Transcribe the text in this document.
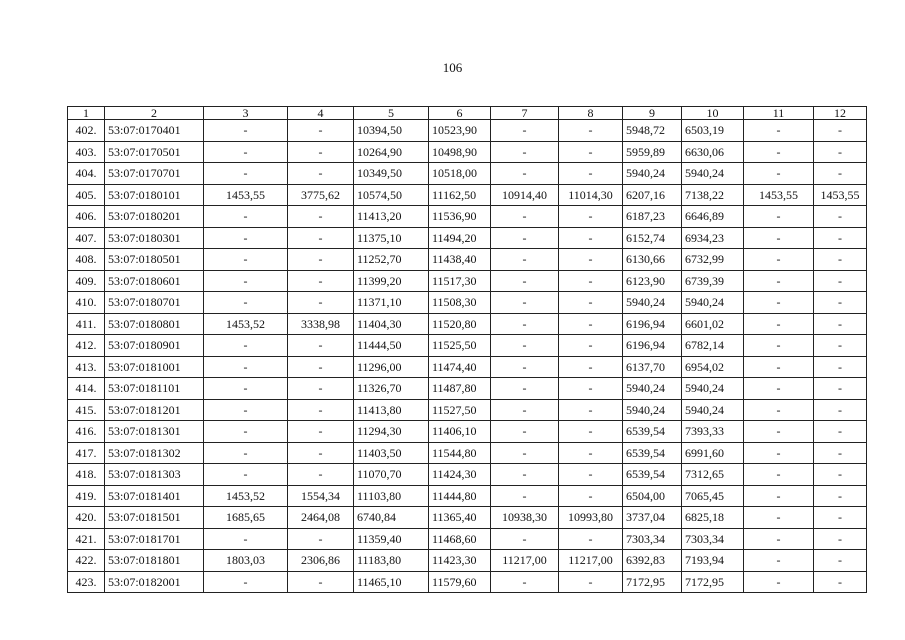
106
1	2	3	4	5	6	7	8	9	10	11	12
402.	53:07:0170401	-	-	10394,50	10523,90	-	-	5948,72	6503,19	-	-
403.	53:07:0170501	-	-	10264,90	10498,90	-	-	5959,89	6630,06	-	-
404.	53:07:0170701	-	-	10349,50	10518,00	-	-	5940,24	5940,24	-	-
405.	53:07:0180101	1453,55	3775,62	10574,50	11162,50	10914,40	11014,30	6207,16	7138,22	1453,55	1453,55
406.	53:07:0180201	-	-	11413,20	11536,90	-	-	6187,23	6646,89	-	-
407.	53:07:0180301	-	-	11375,10	11494,20	-	-	6152,74	6934,23	-	-
408.	53:07:0180501	-	-	11252,70	11438,40	-	-	6130,66	6732,99	-	-
409.	53:07:0180601	-	-	11399,20	11517,30	-	-	6123,90	6739,39	-	-
410.	53:07:0180701	-	-	11371,10	11508,30	-	-	5940,24	5940,24	-	-
411.	53:07:0180801	1453,52	3338,98	11404,30	11520,80	-	-	6196,94	6601,02	-	-
412.	53:07:0180901	-	-	11444,50	11525,50	-	-	6196,94	6782,14	-	-
413.	53:07:0181001	-	-	11296,00	11474,40	-	-	6137,70	6954,02	-	-
414.	53:07:0181101	-	-	11326,70	11487,80	-	-	5940,24	5940,24	-	-
415.	53:07:0181201	-	-	11413,80	11527,50	-	-	5940,24	5940,24	-	-
416.	53:07:0181301	-	-	11294,30	11406,10	-	-	6539,54	7393,33	-	-
417.	53:07:0181302	-	-	11403,50	11544,80	-	-	6539,54	6991,60	-	-
418.	53:07:0181303	-	-	11070,70	11424,30	-	-	6539,54	7312,65	-	-
419.	53:07:0181401	1453,52	1554,34	11103,80	11444,80	-	-	6504,00	7065,45	-	-
420.	53:07:0181501	1685,65	2464,08	6740,84	11365,40	10938,30	10993,80	3737,04	6825,18	-	-
421.	53:07:0181701	-	-	11359,40	11468,60	-	-	7303,34	7303,34	-	-
422.	53:07:0181801	1803,03	2306,86	11183,80	11423,30	11217,00	11217,00	6392,83	7193,94	-	-
423.	53:07:0182001	-	-	11465,10	11579,60	-	-	7172,95	7172,95	-	-
